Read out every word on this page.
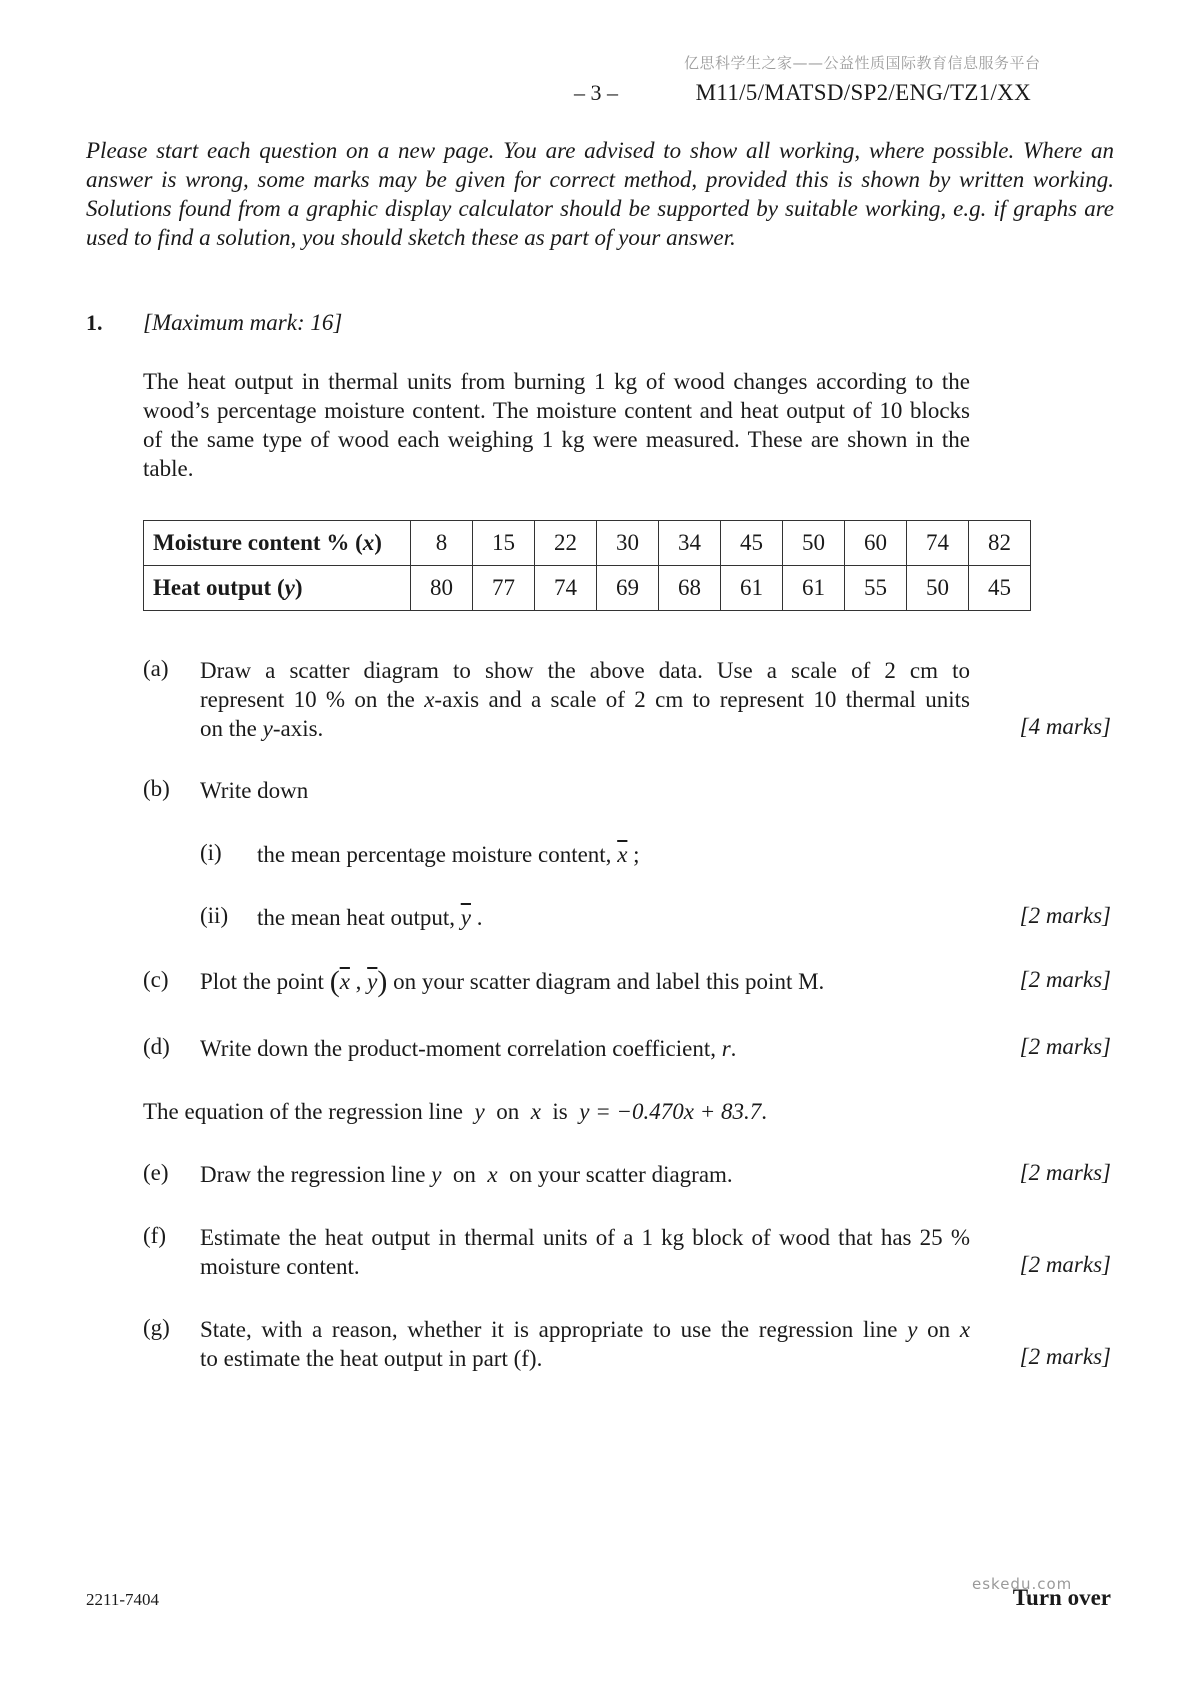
亿思科学生之家——公益性质国际教育信息服务平台
– 3 –	M11/5/MATSD/SP2/ENG/TZ1/XX
Please start each question on a new page. You are advised to show all working, where possible. Where an answer is wrong, some marks may be given for correct method, provided this is shown by written working. Solutions found from a graphic display calculator should be supported by suitable working, e.g. if graphs are used to find a solution, you should sketch these as part of your answer.
1. [Maximum mark: 16]
The heat output in thermal units from burning 1 kg of wood changes according to the wood’s percentage moisture content. The moisture content and heat output of 10 blocks of the same type of wood each weighing 1 kg were measured. These are shown in the table.
Moisture content % (x)	8	15	22	30	34	45	50	60	74	82
Heat output (y)	80	77	74	69	68	61	61	55	50	45
(a) Draw a scatter diagram to show the above data. Use a scale of 2 cm to
represent 10 % on the x-axis and a scale of 2 cm to represent 10 thermal units
on the y-axis.	[4 marks]
(b) Write down
(i) the mean percentage moisture content, $\overline{x}$ ;
(ii) the mean heat output, $\overline{y}$ .	[2 marks]
(c) Plot the point ($\overline{x}$ , $\overline{y}$) on your scatter diagram and label this point M.	[2 marks]
(d) Write down the product-moment correlation coefficient, r.	[2 marks]
The equation of the regression line y on x is y = −0.470x + 83.7.
(e) Draw the regression line y on x on your scatter diagram.	[2 marks]
(f) Estimate the heat output in thermal units of a 1 kg block of wood that has 25 %
moisture content.	[2 marks]
(g) State, with a reason, whether it is appropriate to use the regression line y on x
to estimate the heat output in part (f).	[2 marks]
2211-7404
eskedu.com
Turn over
